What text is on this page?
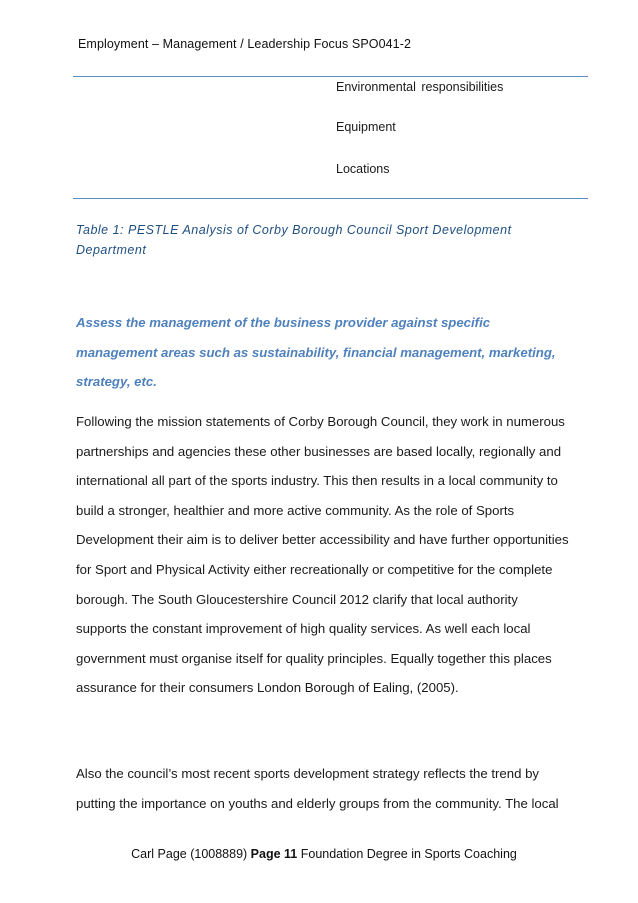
Employment – Management / Leadership Focus SPO041-2
Environmental responsibilities
Equipment
Locations
Table 1: PESTLE Analysis of Corby Borough Council Sport Development
Department
Assess the management of the business provider against specific
management areas such as sustainability, financial management, marketing,
strategy, etc.
Following the mission statements of Corby Borough Council, they work in numerous
partnerships and agencies these other businesses are based locally, regionally and
international all part of the sports industry. This then results in a local community to
build a stronger, healthier and more active community. As the role of Sports
Development their aim is to deliver better accessibility and have further opportunities
for Sport and Physical Activity either recreationally or competitive for the complete
borough. The South Gloucestershire Council 2012 clarify that local authority
supports the constant improvement of high quality services. As well each local
government must organise itself for quality principles. Equally together this places
assurance for their consumers London Borough of Ealing, (2005).
Also the council’s most recent sports development strategy reflects the trend by
putting the importance on youths and elderly groups from the community. The local
Carl Page (1008889) Page 11 Foundation Degree in Sports Coaching
